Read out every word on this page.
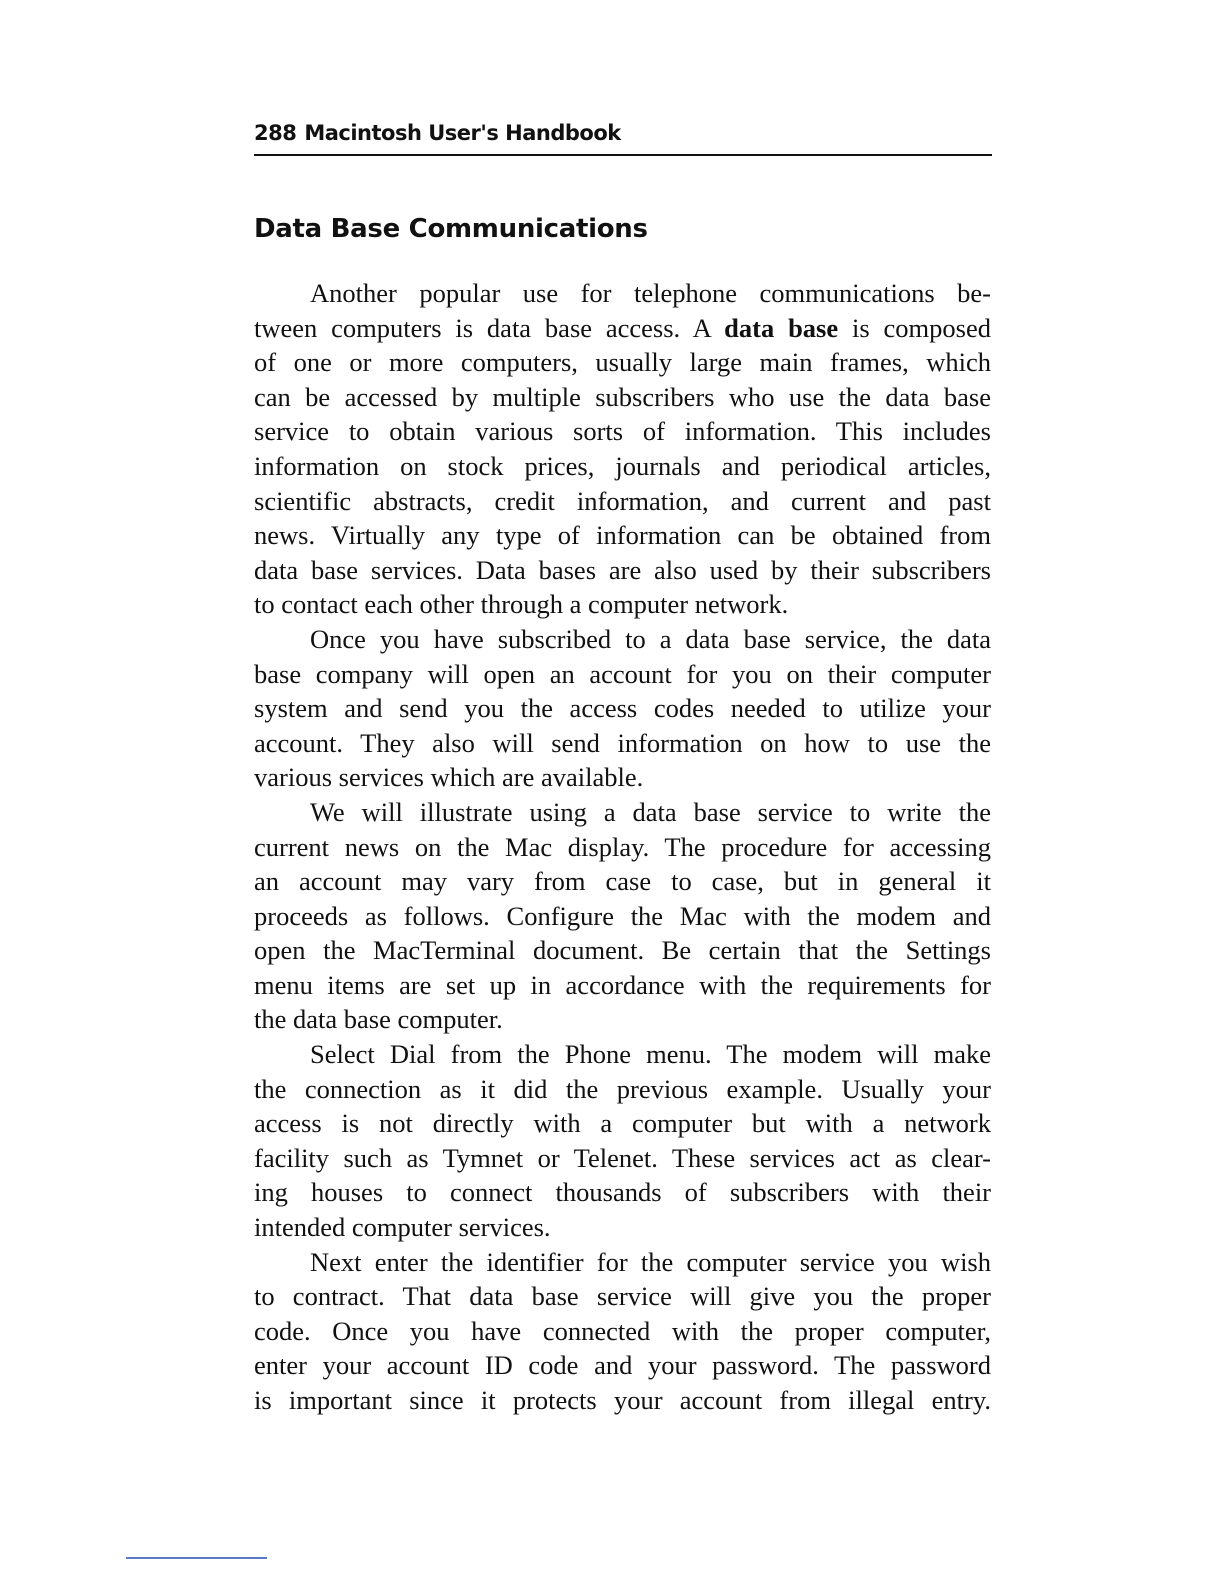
288 Macintosh User's Handbook
Data Base Communications
Another popular use for telephone communications be-
tween computers is data base access. A data base is composed
of one or more computers, usually large main frames, which
can be accessed by multiple subscribers who use the data base
service to obtain various sorts of information. This includes
information on stock prices, journals and periodical articles,
scientific abstracts, credit information, and current and past
news. Virtually any type of information can be obtained from
data base services. Data bases are also used by their subscribers
to contact each other through a computer network.
Once you have subscribed to a data base service, the data
base company will open an account for you on their computer
system and send you the access codes needed to utilize your
account. They also will send information on how to use the
various services which are available.
We will illustrate using a data base service to write the
current news on the Mac display. The procedure for accessing
an account may vary from case to case, but in general it
proceeds as follows. Configure the Mac with the modem and
open the MacTerminal document. Be certain that the Settings
menu items are set up in accordance with the requirements for
the data base computer.
Select Dial from the Phone menu. The modem will make
the connection as it did the previous example. Usually your
access is not directly with a computer but with a network
facility such as Tymnet or Telenet. These services act as clear-
ing houses to connect thousands of subscribers with their
intended computer services.
Next enter the identifier for the computer service you wish
to contract. That data base service will give you the proper
code. Once you have connected with the proper computer,
enter your account ID code and your password. The password
is important since it protects your account from illegal entry.
